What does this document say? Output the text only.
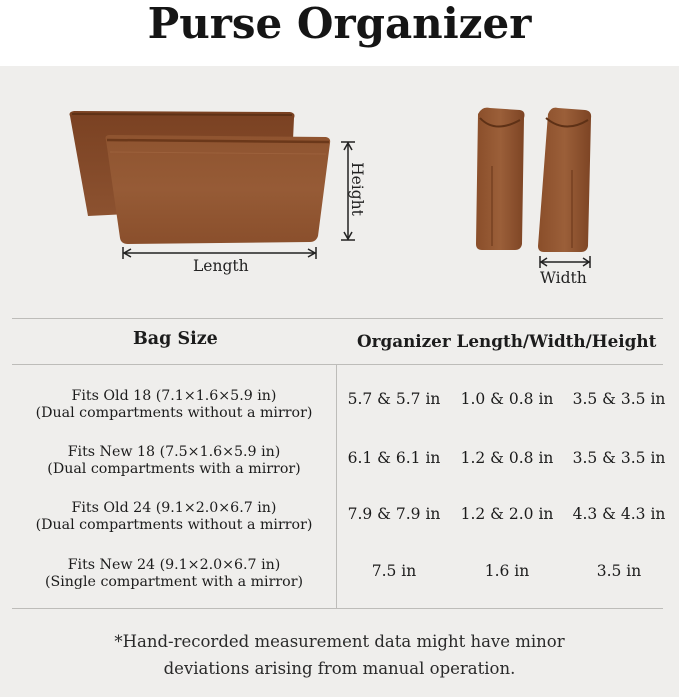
Purse Organizer
Length
Width
Height
Bag Size	Organizer Length/Width/Height
Fits Old 18 (7.1×1.6×5.9 in)
(Dual compartments without a mirror)
5.7 & 5.7 in	1.0 & 0.8 in	3.5 & 3.5 in
Fits New 18 (7.5×1.6×5.9 in)
(Dual compartments with a mirror)
6.1 & 6.1 in	1.2 & 0.8 in	3.5 & 3.5 in
Fits Old 24 (9.1×2.0×6.7 in)
(Dual compartments without a mirror)
7.9 & 7.9 in	1.2 & 2.0 in	4.3 & 4.3 in
Fits New 24 (9.1×2.0×6.7 in)
(Single compartment with a mirror)
7.5 in	1.6 in	3.5 in
*Hand-recorded measurement data might have minor
deviations arising from manual operation.
